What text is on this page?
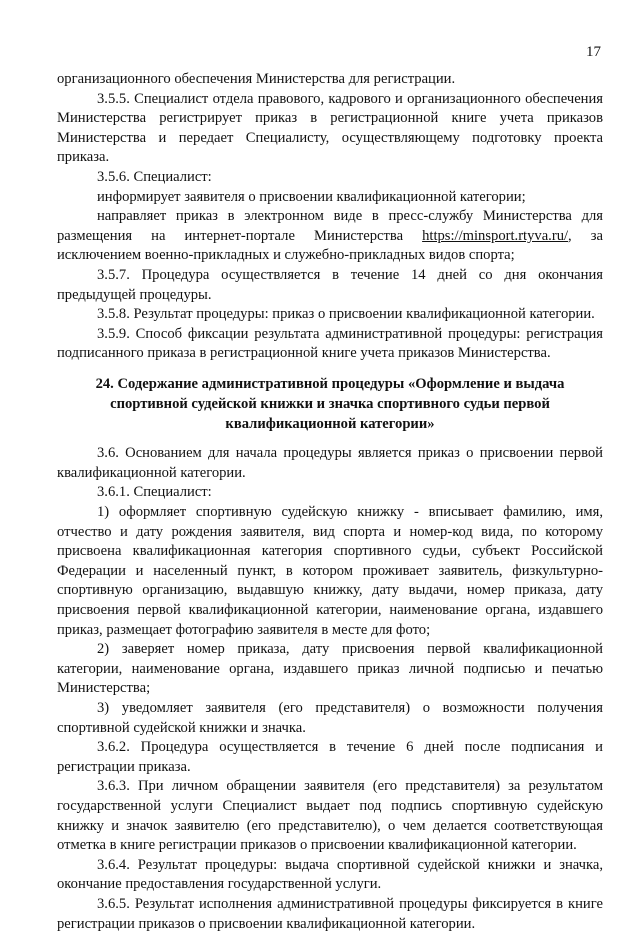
17

организационного обеспечения Министерства для регистрации.

3.5.5. Специалист отдела правового, кадрового и организационного обеспечения Министерства регистрирует приказ в регистрационной книге учета приказов Министерства и передает Специалисту, осуществляющему подготовку проекта приказа.

3.5.6. Специалист:

информирует заявителя о присвоении квалификационной категории;

направляет приказ в электронном виде в пресс-службу Министерства для размещения на интернет-портале Министерства https://minsport.rtyva.ru/, за исключением военно-прикладных и служебно-прикладных видов спорта;

3.5.7. Процедура осуществляется в течение 14 дней со дня окончания предыдущей процедуры.

3.5.8. Результат процедуры: приказ о присвоении квалификационной категории.

3.5.9. Способ фиксации результата административной процедуры: регистрация подписанного приказа в регистрационной книге учета приказов Министерства.

24. Содержание административной процедуры «Оформление и выдача спортивной судейской книжки и значка спортивного судьи первой квалификационной категории»

3.6. Основанием для начала процедуры является приказ о присвоении первой квалификационной категории.

3.6.1. Специалист:

1) оформляет спортивную судейскую книжку - вписывает фамилию, имя, отчество и дату рождения заявителя, вид спорта и номер-код вида, по которому присвоена квалификационная категория спортивного судьи, субъект Российской Федерации и населенный пункт, в котором проживает заявитель, физкультурно-спортивную организацию, выдавшую книжку, дату выдачи, номер приказа, дату присвоения первой квалификационной категории, наименование органа, издавшего приказ, размещает фотографию заявителя в месте для фото;

2) заверяет номер приказа, дату присвоения первой квалификационной категории, наименование органа, издавшего приказ личной подписью и печатью Министерства;

3) уведомляет заявителя (его представителя) о возможности получения спортивной судейской книжки и значка.

3.6.2. Процедура осуществляется в течение 6 дней после подписания и регистрации приказа.

3.6.3. При личном обращении заявителя (его представителя) за результатом государственной услуги Специалист выдает под подпись спортивную судейскую книжку и значок заявителю (его представителю), о чем делается соответствующая отметка в книге регистрации приказов о присвоении квалификационной категории.

3.6.4. Результат процедуры: выдача спортивной судейской книжки и значка, окончание предоставления государственной услуги.

3.6.5. Результат исполнения административной процедуры фиксируется в книге регистрации приказов о присвоении квалификационной категории.
